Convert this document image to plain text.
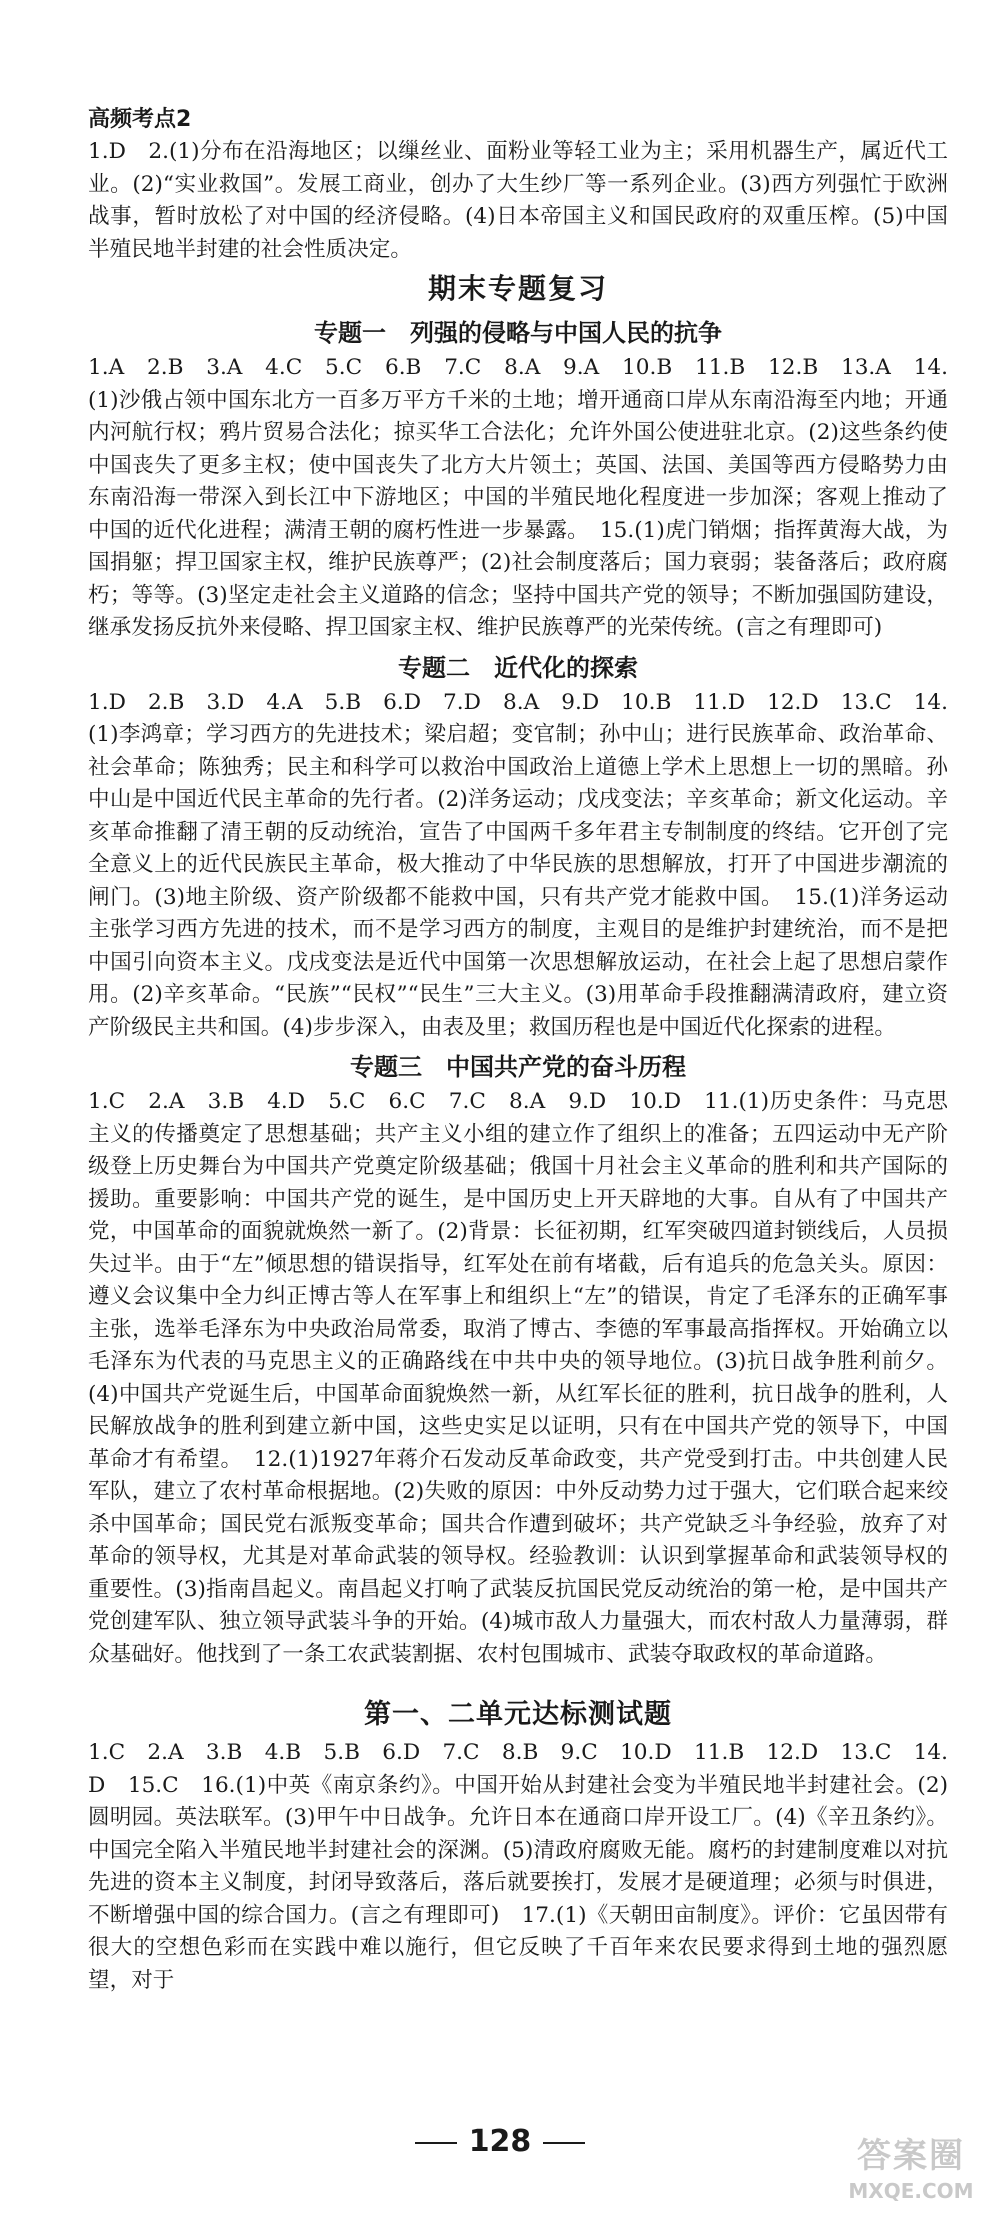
高频考点2

1.D　2.(1)分布在沿海地区；以缫丝业、面粉业等轻工业为主；采用机器生产，属近代工业。(2)“实业救国”。发展工商业，创办了大生纱厂等一系列企业。(3)西方列强忙于欧洲战事，暂时放松了对中国的经济侵略。(4)日本帝国主义和国民政府的双重压榨。(5)中国半殖民地半封建的社会性质决定。

期末专题复习
专题一　列强的侵略与中国人民的抗争

1.A　2.B　3.A　4.C　5.C　6.B　7.C　8.A　9.A　10.B　11.B　12.B　13.A　14.(1)沙俄占领中国东北方一百多万平方千米的土地；增开通商口岸从东南沿海至内地；开通内河航行权；鸦片贸易合法化；掠买华工合法化；允许外国公使进驻北京。(2)这些条约使中国丧失了更多主权；使中国丧失了北方大片领土；英国、法国、美国等西方侵略势力由东南沿海一带深入到长江中下游地区；中国的半殖民地化程度进一步加深；客观上推动了中国的近代化进程；满清王朝的腐朽性进一步暴露。　15.(1)虎门销烟；指挥黄海大战，为国捐躯；捍卫国家主权，维护民族尊严；(2)社会制度落后；国力衰弱；装备落后；政府腐朽；等等。(3)坚定走社会主义道路的信念；坚持中国共产党的领导；不断加强国防建设，继承发扬反抗外来侵略、捍卫国家主权、维护民族尊严的光荣传统。(言之有理即可)

专题二　近代化的探索

1.D　2.B　3.D　4.A　5.B　6.D　7.D　8.A　9.D　10.B　11.D　12.D　13.C　14.(1)李鸿章；学习西方的先进技术；梁启超；变官制；孙中山；进行民族革命、政治革命、社会革命；陈独秀；民主和科学可以救治中国政治上道德上学术上思想上一切的黑暗。孙中山是中国近代民主革命的先行者。(2)洋务运动；戊戌变法；辛亥革命；新文化运动。辛亥革命推翻了清王朝的反动统治，宣告了中国两千多年君主专制制度的终结。它开创了完全意义上的近代民族民主革命，极大推动了中华民族的思想解放，打开了中国进步潮流的闸门。(3)地主阶级、资产阶级都不能救中国，只有共产党才能救中国。　15.(1)洋务运动主张学习西方先进的技术，而不是学习西方的制度，主观目的是维护封建统治，而不是把中国引向资本主义。戊戌变法是近代中国第一次思想解放运动，在社会上起了思想启蒙作用。(2)辛亥革命。“民族”“民权”“民生”三大主义。(3)用革命手段推翻满清政府，建立资产阶级民主共和国。(4)步步深入，由表及里；救国历程也是中国近代化探索的进程。

专题三　中国共产党的奋斗历程

1.C　2.A　3.B　4.D　5.C　6.C　7.C　8.A　9.D　10.D　11.(1)历史条件：马克思主义的传播奠定了思想基础；共产主义小组的建立作了组织上的准备；五四运动中无产阶级登上历史舞台为中国共产党奠定阶级基础；俄国十月社会主义革命的胜利和共产国际的援助。重要影响：中国共产党的诞生，是中国历史上开天辟地的大事。自从有了中国共产党，中国革命的面貌就焕然一新了。(2)背景：长征初期，红军突破四道封锁线后，人员损失过半。由于“左”倾思想的错误指导，红军处在前有堵截，后有追兵的危急关头。原因：遵义会议集中全力纠正博古等人在军事上和组织上“左”的错误，肯定了毛泽东的正确军事主张，选举毛泽东为中央政治局常委，取消了博古、李德的军事最高指挥权。开始确立以毛泽东为代表的马克思主义的正确路线在中共中央的领导地位。(3)抗日战争胜利前夕。(4)中国共产党诞生后，中国革命面貌焕然一新，从红军长征的胜利，抗日战争的胜利，人民解放战争的胜利到建立新中国，这些史实足以证明，只有在中国共产党的领导下，中国革命才有希望。　12.(1)1927年蒋介石发动反革命政变，共产党受到打击。中共创建人民军队，建立了农村革命根据地。(2)失败的原因：中外反动势力过于强大，它们联合起来绞杀中国革命；国民党右派叛变革命；国共合作遭到破坏；共产党缺乏斗争经验，放弃了对革命的领导权，尤其是对革命武装的领导权。经验教训：认识到掌握革命和武装领导权的重要性。(3)指南昌起义。南昌起义打响了武装反抗国民党反动统治的第一枪，是中国共产党创建军队、独立领导武装斗争的开始。(4)城市敌人力量强大，而农村敌人力量薄弱，群众基础好。他找到了一条工农武装割据、农村包围城市、武装夺取政权的革命道路。

第一、二单元达标测试题

1.C　2.A　3.B　4.B　5.B　6.D　7.C　8.B　9.C　10.D　11.B　12.D　13.C　14.D　15.C　16.(1)中英《南京条约》。中国开始从封建社会变为半殖民地半封建社会。(2)圆明园。英法联军。(3)甲午中日战争。允许日本在通商口岸开设工厂。(4)《辛丑条约》。中国完全陷入半殖民地半封建社会的深渊。(5)清政府腐败无能。腐朽的封建制度难以对抗先进的资本主义制度，封闭导致落后，落后就要挨打，发展才是硬道理；必须与时俱进，不断增强中国的综合国力。(言之有理即可)　17.(1)《天朝田亩制度》。评价：它虽因带有很大的空想色彩而在实践中难以施行，但它反映了千百年来农民要求得到土地的强烈愿望，对于

128	答案圈
MXQE.COM
